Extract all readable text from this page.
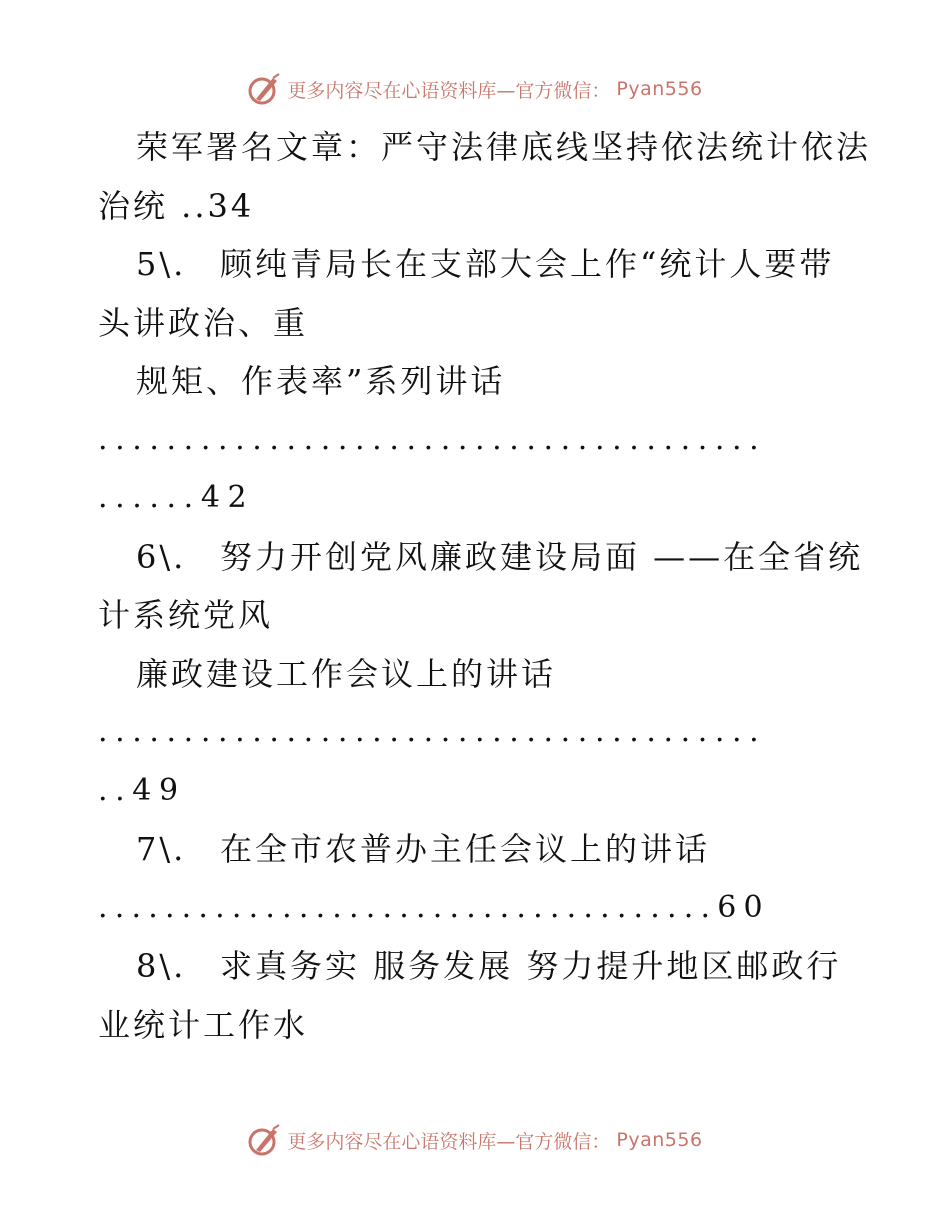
更多内容尽在心语资料库—官方微信： Pyan556
荣军署名文章：严守法律底线坚持依法统计依法
治统 ..34
5\. 顾纯青局长在支部大会上作“统计人要带
头讲政治、重
规矩、作表率”系列讲话
.......................................
......42
6\. 努力开创党风廉政建设局面 ——在全省统
计系统党风
廉政建设工作会议上的讲话
.......................................
..49
7\. 在全市农普办主任会议上的讲话
.....................................60
8\. 求真务实 服务发展 努力提升地区邮政行
业统计工作水
更多内容尽在心语资料库—官方微信： Pyan556
